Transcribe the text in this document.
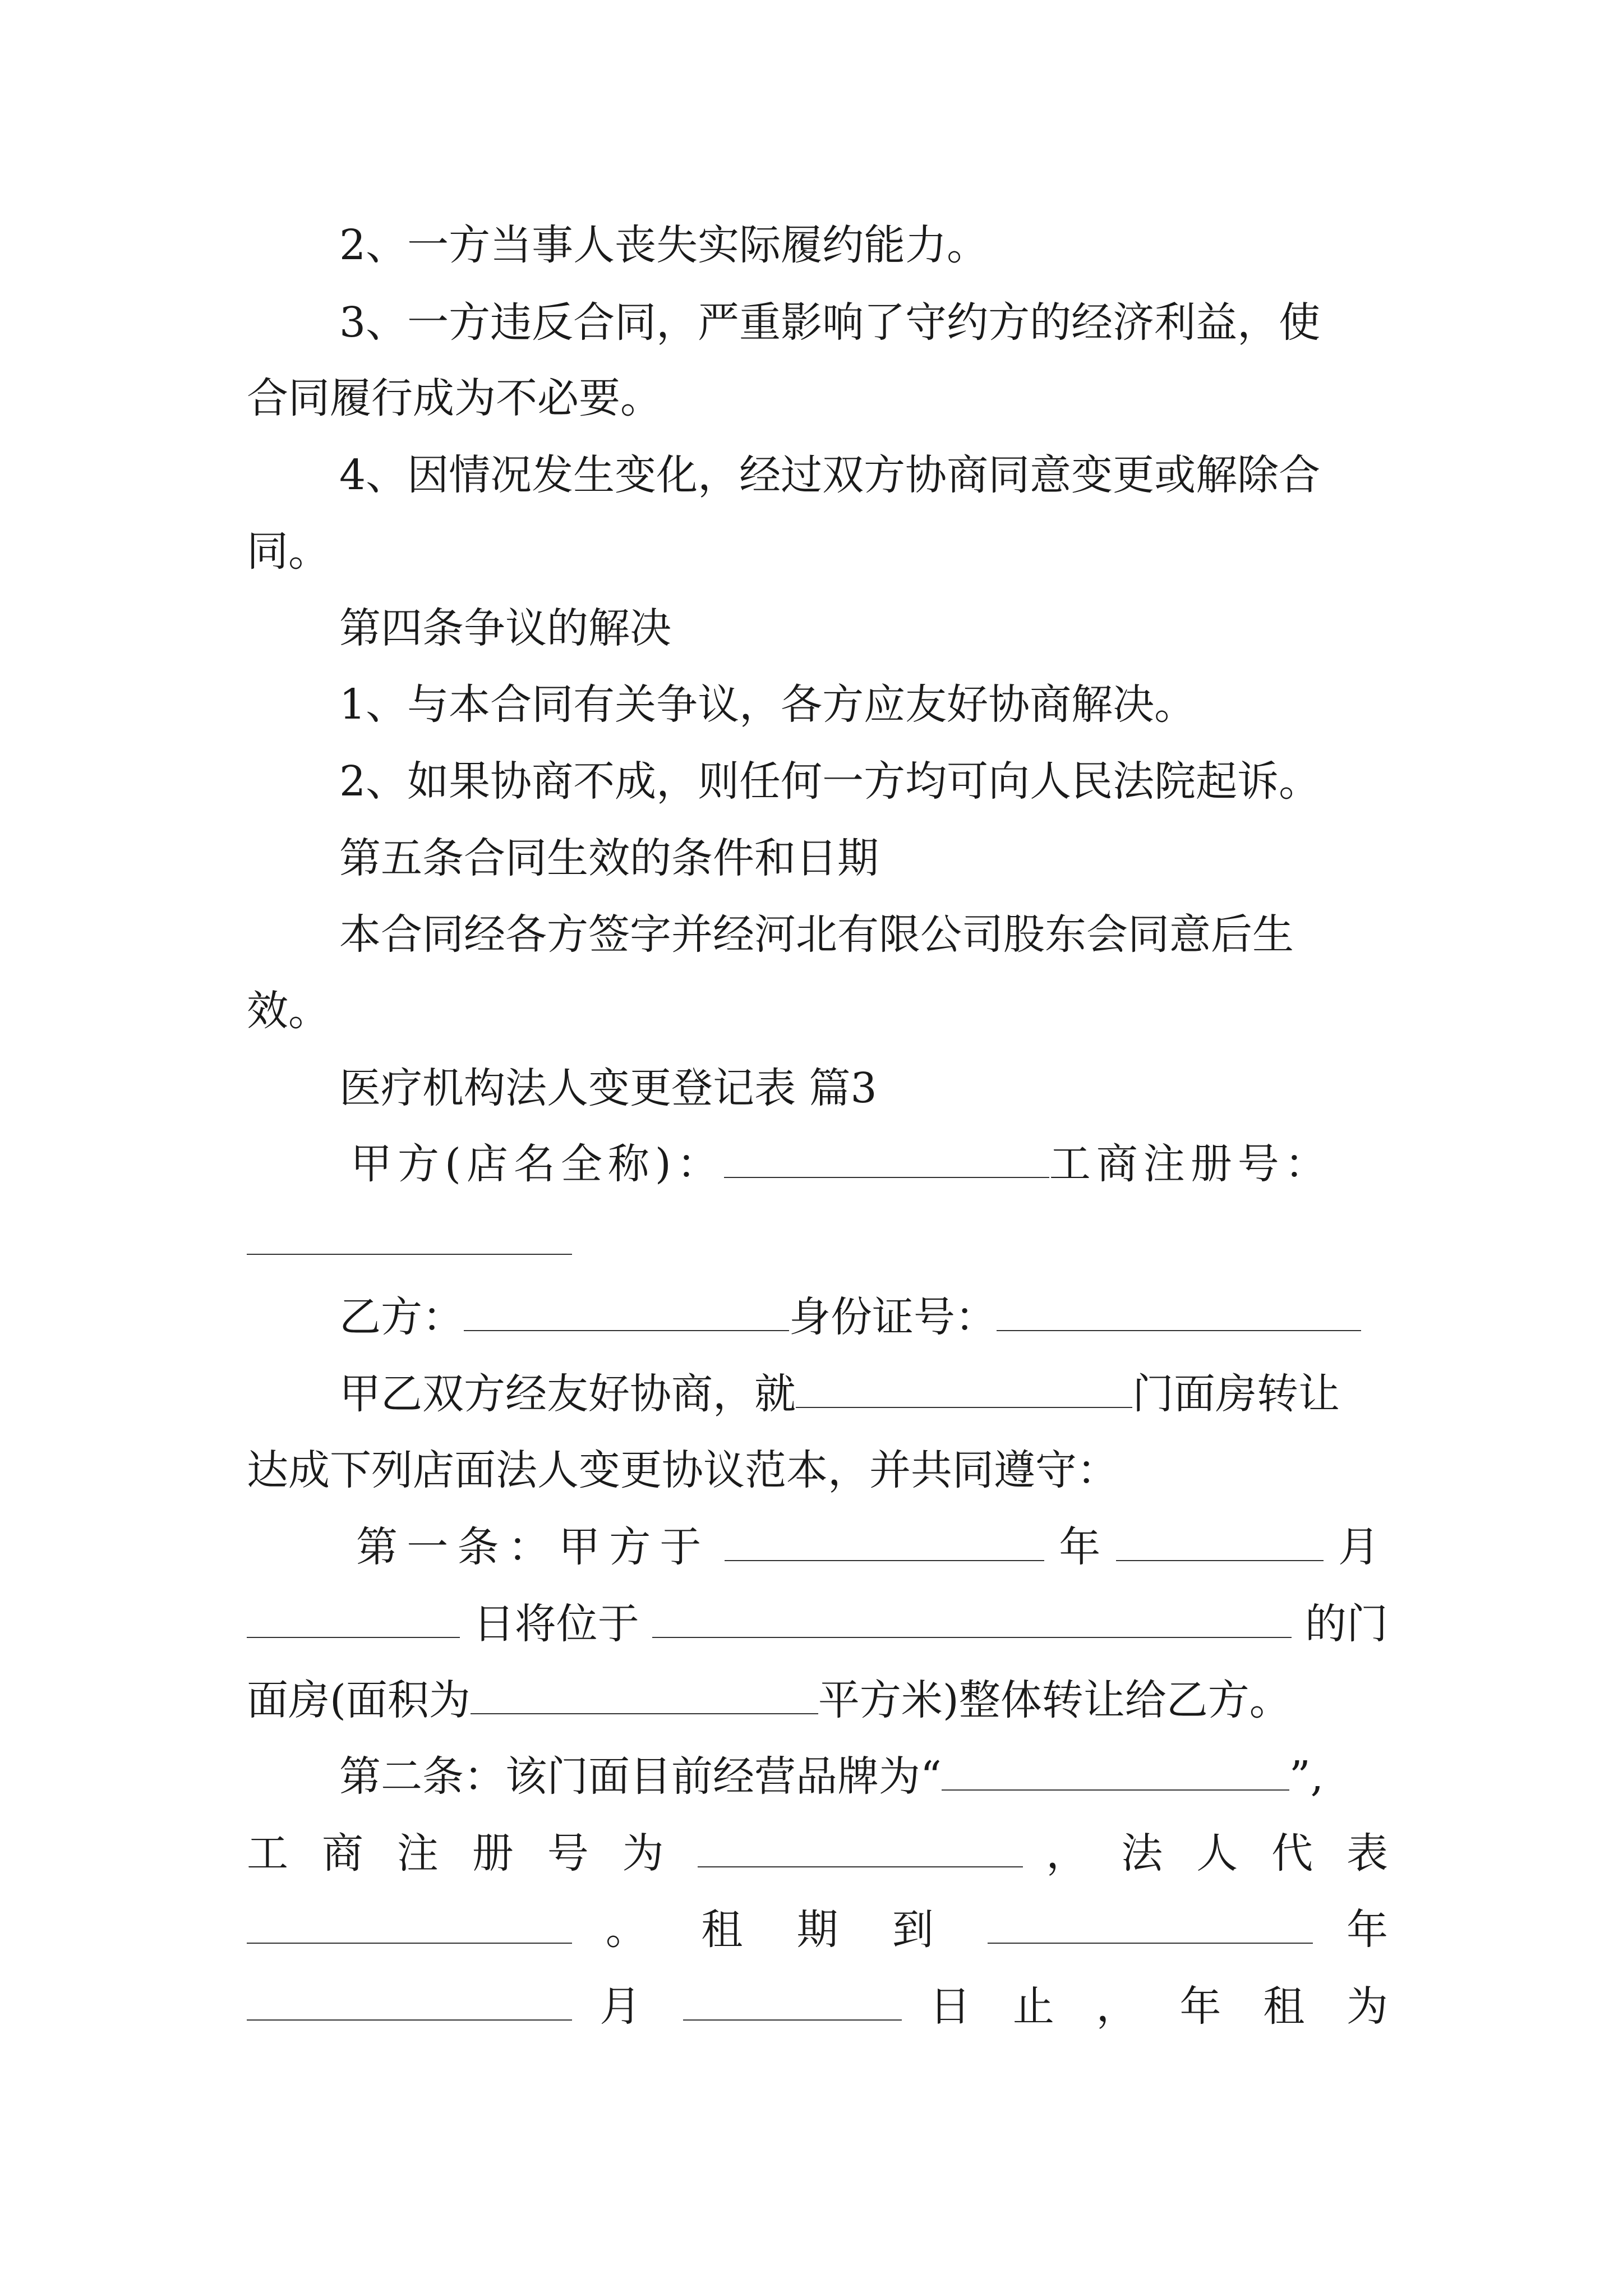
2、一方当事人丧失实际履约能力。
3、一方违反合同，严重影响了守约方的经济利益，使
合同履行成为不必要。
4、因情况发生变化，经过双方协商同意变更或解除合
同。
第四条争议的解决
1、与本合同有关争议，各方应友好协商解决。
2、如果协商不成，则任何一方均可向人民法院起诉。
第五条合同生效的条件和日期
本合同经各方签字并经河北有限公司股东会同意后生
效。
医疗机构法人变更登记表 篇3
甲方(店名全称)：	工商注册号：
乙方：	身份证号：
甲乙双方经友好协商，就	门面房转让
达成下列店面法人变更协议范本，并共同遵守：
第一条：甲方于	年	月
日将位于	的门
面房(面积为	平方米)整体转让给乙方。
第二条：该门面目前经营品牌为“	”,
工 商 注 册 号 为	， 法 人 代 表
。 租 期 到	年
月	日 止 ， 年 租 为
